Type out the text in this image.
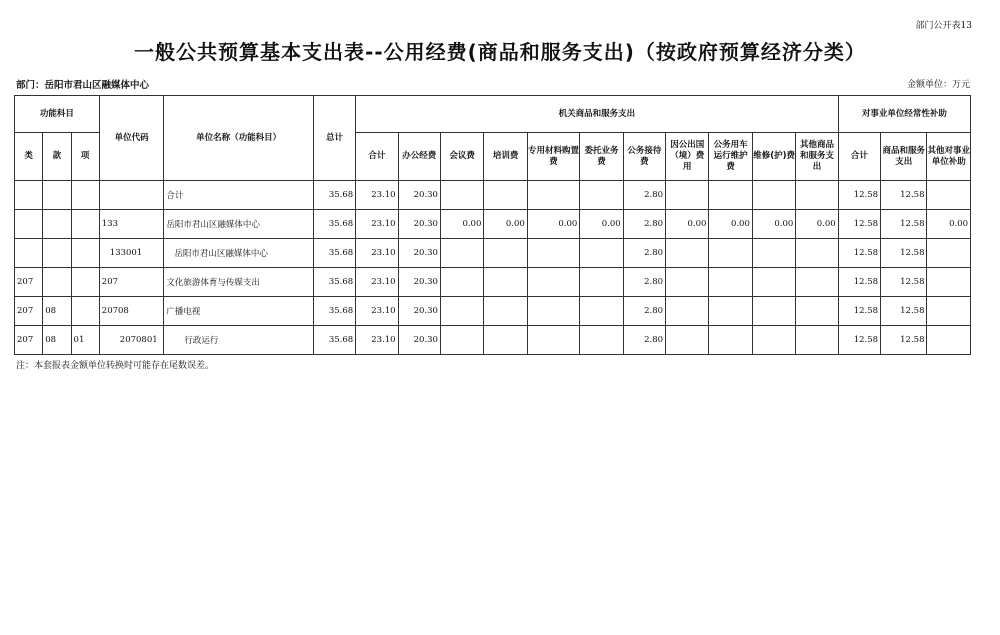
部门公开表13
一般公共预算基本支出表--公用经费(商品和服务支出)（按政府预算经济分类）
部门：岳阳市君山区融媒体中心	金额单位：万元
功能科目			单位代码	单位名称（功能科目）	总计	机关商品和服务支出											对事业单位经常性补助		
类	款	项				合计	办公经费	会议费	培训费	专用材料购置费	委托业务费	公务接待费	因公出国（境）费用	公务用车运行维护费	维修(护)费	其他商品和服务支出	合计	商品和服务支出	其他对事业单位补助
				合计	35.68	23.10	20.30					2.80					12.58	12.58	
			133	岳阳市君山区融媒体中心	35.68	23.10	20.30	0.00	0.00	0.00	0.00	2.80	0.00	0.00	0.00	0.00	12.58	12.58	0.00
			133001	岳阳市君山区融媒体中心	35.68	23.10	20.30					2.80					12.58	12.58	
207			207	文化旅游体育与传媒支出	35.68	23.10	20.30					2.80					12.58	12.58	
207	08		20708	广播电视	35.68	23.10	20.30					2.80					12.58	12.58	
207	08	01	2070801	行政运行	35.68	23.10	20.30					2.80					12.58	12.58	
注：本套报表金额单位转换时可能存在尾数误差。
